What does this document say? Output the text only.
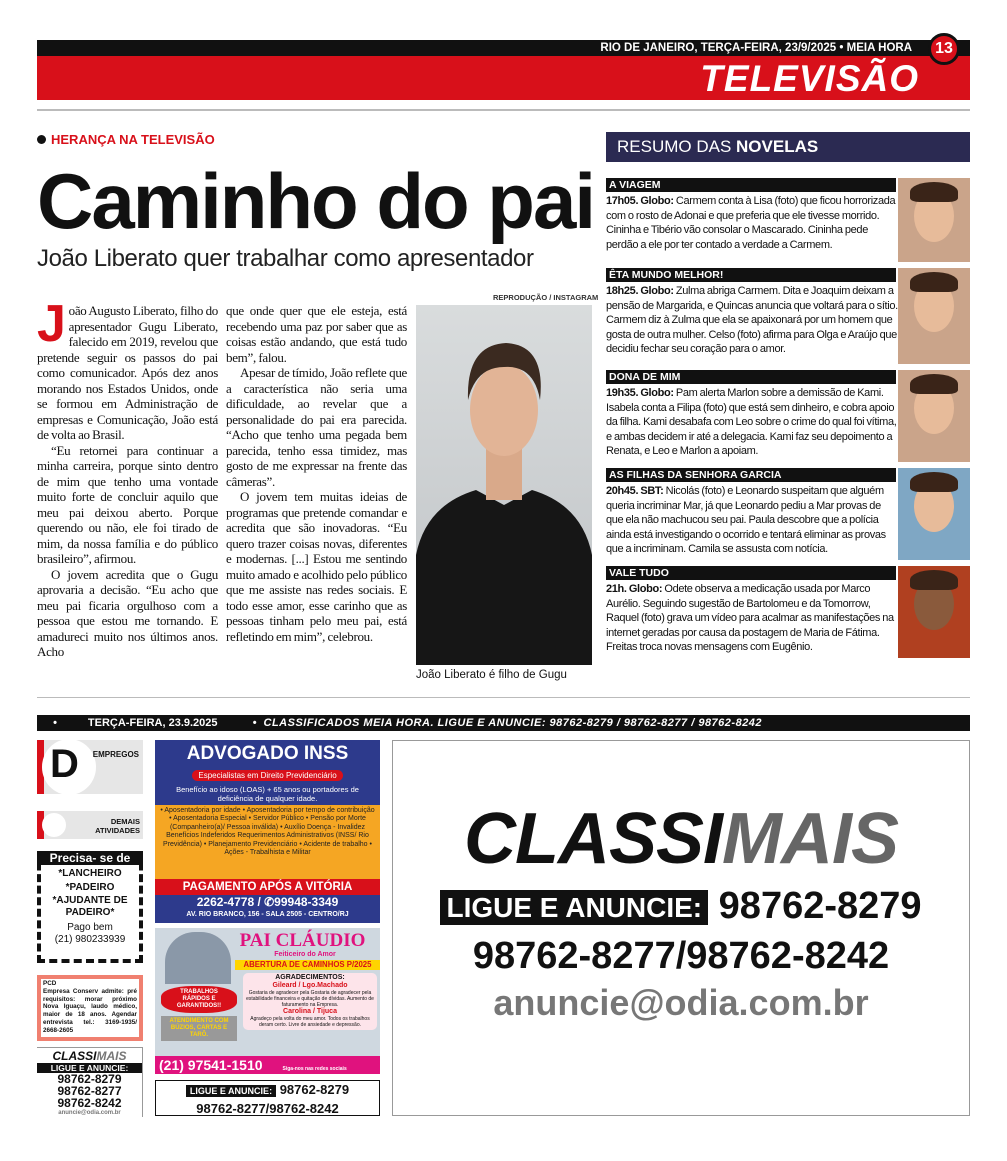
RIO DE JANEIRO, TERÇA-FEIRA, 23/9/2025 • MEIA HORA
TELEVISÃO
13
HERANÇA NA TELEVISÃO
Caminho do pai
João Liberato quer trabalhar como apresentador

João Augusto Liberato, filho do apresentador Gugu Liberato, falecido em 2019, revelou que pretende seguir os passos do pai como comunicador. Após dez anos morando nos Estados Unidos, onde se formou em Administração de empresas e Comunicação, João está de volta ao Brasil.

“Eu retornei para continuar a minha carreira, porque sinto dentro de mim que tenho uma vontade muito forte de concluir aquilo que meu pai deixou aberto. Porque querendo ou não, ele foi tirado de mim, da nossa família e do público brasileiro”, afirmou.

O jovem acredita que o Gugu aprovaria a decisão. “Eu acho que meu pai ficaria orgulhoso com a pessoa que estou me tornando. E amadureci muito nos últimos anos. Acho

que onde quer que ele esteja, está recebendo uma paz por saber que as coisas estão andando, que está tudo bem”, falou.

Apesar de tímido, João reflete que a característica não seria uma dificuldade, ao revelar que a personalidade do pai era parecida. “Acho que tenho uma pegada bem parecida, tenho essa timidez, mas gosto de me expressar na frente das câmeras”.

O jovem tem muitas ideias de programas que pretende comandar e acredita que são inovadoras. “Eu quero trazer coisas novas, diferentes e modernas. [...] Estou me sentindo muito amado e acolhido pelo público que me assiste nas redes sociais. E todo esse amor, esse carinho que as pessoas tinham pelo meu pai, está refletindo em mim”, celebrou.

REPRODUÇÃO / INSTAGRAM
João Liberato é filho de Gugu
RESUMO DAS NOVELAS
A VIAGEM
17h05. Globo: Carmem conta à Lisa (foto) que ficou horrorizada com o rosto de Adonai e que preferia que ele tivesse morrido. Cininha e Tibério vão consolar o Mascarado. Cininha pede perdão a ele por ter contado a verdade a Carmem.
ÊTA MUNDO MELHOR!
18h25. Globo: Zulma abriga Carmem. Dita e Joaquim deixam a pensão de Margarida, e Quincas anuncia que voltará para o sítio. Carmem diz à Zulma que ela se apaixonará por um homem que gosta de outra mulher. Celso (foto) afirma para Olga e Araújo que decidiu fechar seu coração para o amor.
DONA DE MIM
19h35. Globo: Pam alerta Marlon sobre a demissão de Kami. Isabela conta a Filipa (foto) que está sem dinheiro, e cobra apoio da filha. Kami desabafa com Leo sobre o crime do qual foi vítima, e ambas decidem ir até a delegacia. Kami faz seu depoimento a Renata, e Leo e Marlon a apoiam.
AS FILHAS DA SENHORA GARCIA
20h45. SBT: Nicolás (foto) e Leonardo suspeitam que alguém queria incriminar Mar, já que Leonardo pediu a Mar provas de que ela não machucou seu pai. Paula descobre que a polícia ainda está investigando o ocorrido e tentará eliminar as provas que a incriminam. Camila se assusta com notícia.
VALE TUDO
21h. Globo: Odete observa a medicação usada por Marco Aurélio. Seguindo sugestão de Bartolomeu e da Tomorrow, Raquel (foto) grava um vídeo para acalmar as manifestações na internet geradas por causa da postagem de Maria de Fátima. Freitas troca novas mensagens com Eugênio.
•	TERÇA-FEIRA, 23.9.2025	• CLASSIFICADOS MEIA HORA. LIGUE E ANUNCIE: 98762-8279 / 98762-8277 / 98762-8242
D EMPREGOS
DEMAIS ATIVIDADES
Precisa- se de
*LANCHEIRO
*PADEIRO
*AJUDANTE DE PADEIRO*
Pago bem
(21) 980233939
PCD
Empresa Conserv admite: pré requisitos: morar próximo Nova Iguaçu, laudo médico, maior de 18 anos. Agendar entrevista tel.: 3169-1935/ 2668-2605
CLASSIMAIS
LIGUE E ANUNCIE:
98762-8279
98762-8277
98762-8242
anuncie@odia.com.br
ADVOGADO INSS
Especialistas em Direito Previdenciário
Benefício ao idoso (LOAS) + 65 anos ou portadores de deficiência de qualquer idade.
• Aposentadoria por idade • Aposentadoria por tempo de contribuição • Aposentadoria Especial • Servidor Público • Pensão por Morte (Companheiro(a)/ Pessoa inválida) • Auxílio Doença - Invalidez Benefícios Indeferidos Requerimentos Administrativos (INSS/ Rio Previdência) • Planejamento Previdenciário • Acidente de trabalho • Ações - Trabalhista e Militar
PAGAMENTO APÓS A VITÓRIA
2262-4778 / ✆99948-3349
AV. RIO BRANCO, 156 - SALA 2505 - CENTRO/RJ
PAI CLÁUDIO
Feiticeiro do Amor
ABERTURA DE CAMINHOS P/2025
TRABALHOS RÁPIDOS E GARANTIDOS!!
ATENDIMENTO COM BÚZIOS, CARTAS E TARÔ.
AGRADECIMENTOS:
Gileard / Lgo.Machado
Gostaria de agradecer pela Gostaria de agradecer pela estabilidade financeira e quitação de dívidas. Aumento de faturamento na Empresa.
Carolina / Tijuca
Agradeço pela volta do meu amor. Todos os trabalhos deram certo. Livre de ansiedade e depressão.
(21) 97541-1510	Siga-nos nas redes sociais
LIGUE E ANUNCIE: 98762-8279
98762-8277/98762-8242
CLASSIMAIS
LIGUE E ANUNCIE: 98762-8279
98762-8277/98762-8242
anuncie@odia.com.br
